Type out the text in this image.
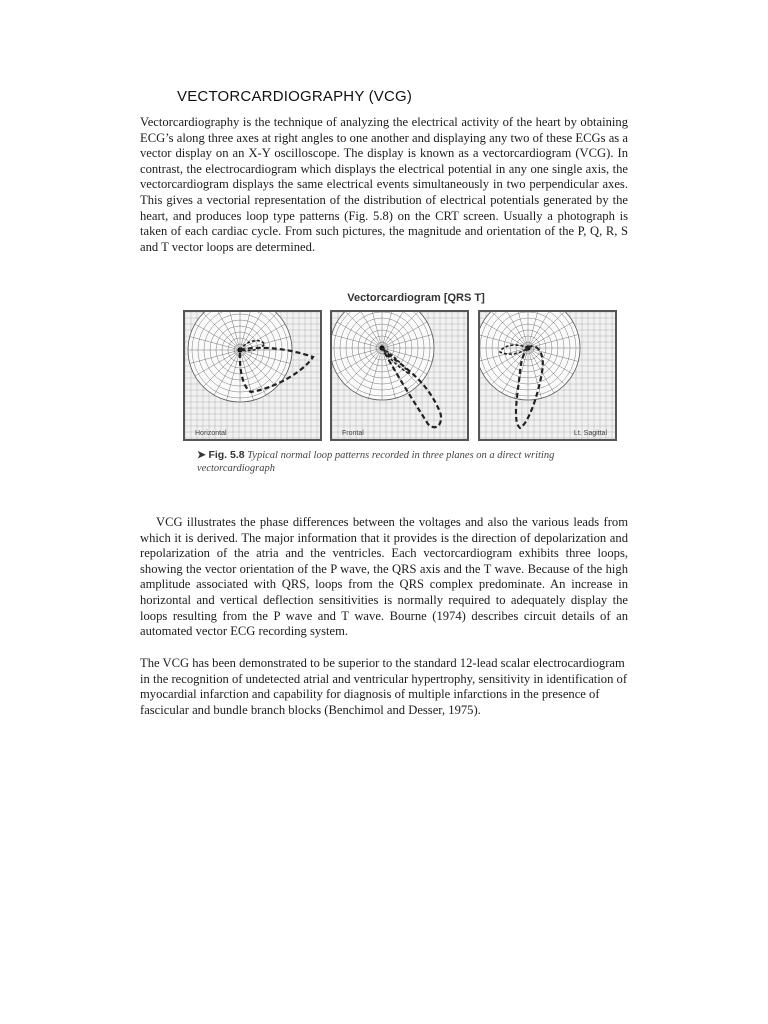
VECTORCARDIOGRAPHY (VCG)
Vectorcardiography is the technique of analyzing the electrical activity of the heart by obtaining ECG’s along three axes at right angles to one another and displaying any two of these ECGs as a vector display on an X-Y oscilloscope. The display is known as a vectorcardiogram (VCG). In contrast, the electrocardiogram which displays the electrical potential in any one single axis, the vectorcardiogram displays the same electrical events simultaneously in two perpendicular axes. This gives a vectorial representation of the distribution of electrical potentials generated by the heart, and produces loop type patterns (Fig. 5.8) on the CRT screen. Usually a photograph is taken of each cardiac cycle. From such pictures, the magnitude and orientation of the P, Q, R, S and T vector loops are determined.
Vectorcardiogram [QRS T]
Horizontal	Frontal	Lt. Sagittal
➤ Fig. 5.8 Typical normal loop patterns recorded in three planes on a direct writing vectorcardiograph
VCG illustrates the phase differences between the voltages and also the various leads from which it is derived. The major information that it provides is the direction of depolarization and repolarization of the atria and the ventricles. Each vectorcardiogram exhibits three loops, showing the vector orientation of the P wave, the QRS axis and the T wave. Because of the high amplitude associated with QRS, loops from the QRS complex predominate. An increase in horizontal and vertical deflection sensitivities is normally required to adequately display the loops resulting from the P wave and T wave. Bourne (1974) describes circuit details of an automated vector ECG recording system.
The VCG has been demonstrated to be superior to the standard 12-lead scalar electrocardiogram in the recognition of undetected atrial and ventricular hypertrophy, sensitivity in identification of myocardial infarction and capability for diagnosis of multiple infarctions in the presence of fascicular and bundle branch blocks (Benchimol and Desser, 1975).
